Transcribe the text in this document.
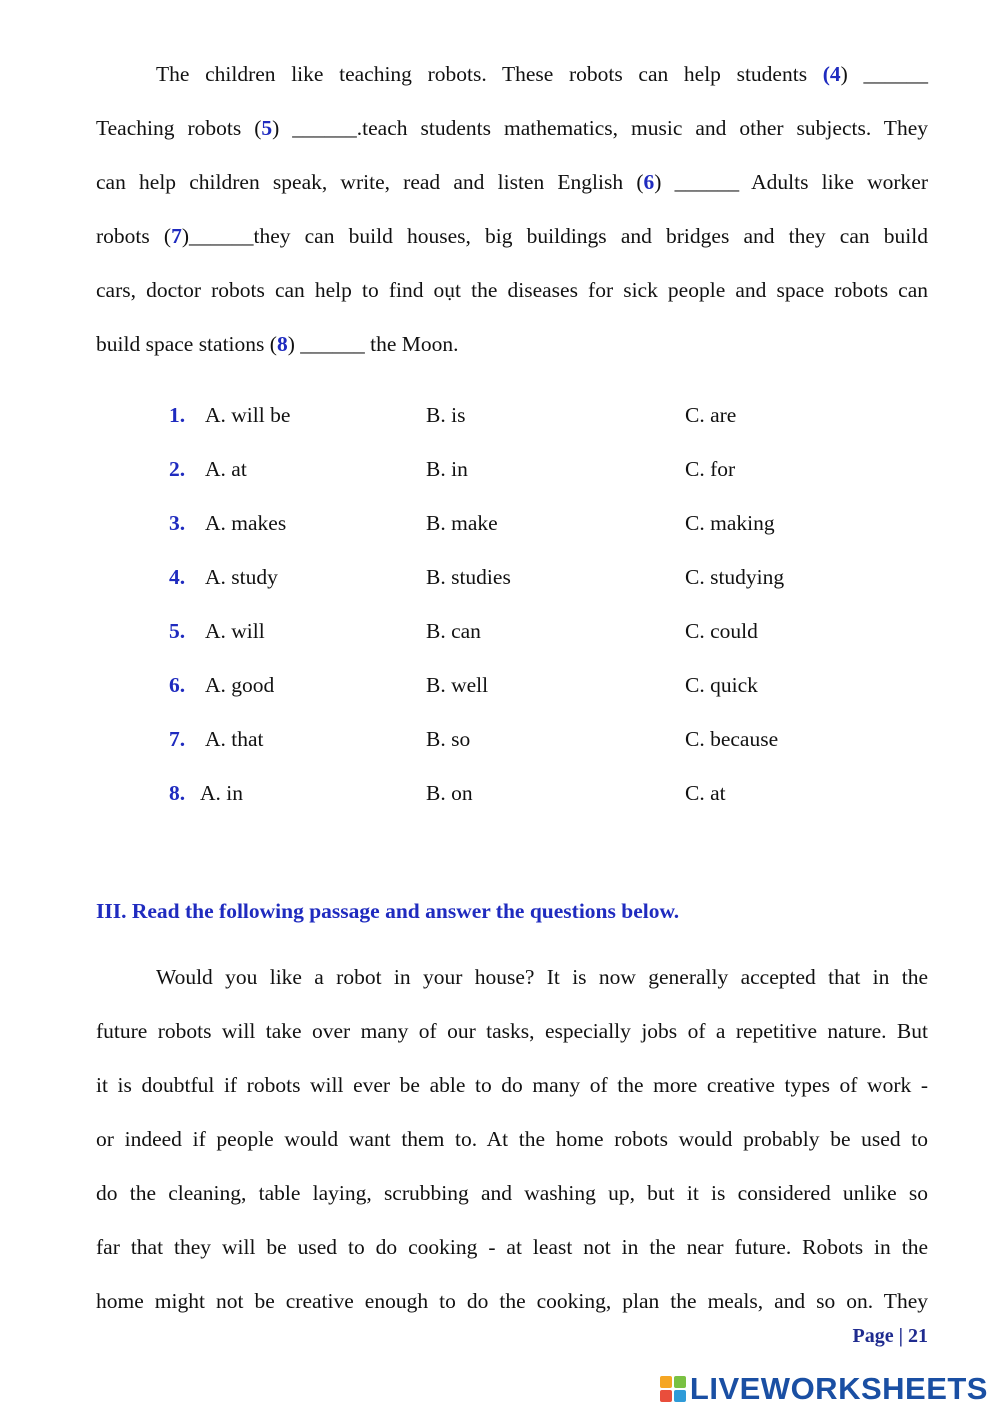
The children like teaching robots. These robots can help students (4) ______
Teaching robots (5) ______.teach students mathematics, music and other subjects. They
can help children speak, write, read and listen English (6) ______ Adults like worker
robots (7)______they can build houses, big buildings and bridges and they can build
cars, doctor robots can help to find oụt the diseases for sick people and space robots can
build space stations (8) ______ the Moon.
1. A. will be	B. is	C. are
2. A. at	B. in	C. for
3. A. makes	B. make	C. making
4. A. study	B. studies	C. studying
5. A. will	B. can	C. could
6. A. good	B. well	C. quick
7. A. that	B. so	C. because
8. A. in	B. on	C. at
III. Read the following passage and answer the questions below.
Would you like a robot in your house? It is now generally accepted that in the
future robots will take over many of our tasks, especially jobs of a repetitive nature. But
it is doubtful if robots will ever be able to do many of the more creative types of work -
or indeed if people would want them to. At the home robots would probably be used to
do the cleaning, table laying, scrubbing and washing up, but it is considered unlike so
far that they will be used to do cooking - at least not in the near future. Robots in the
home might not be creative enough to do the cooking, plan the meals, and so on. They
Page | 21
LIVEWORKSHEETS
